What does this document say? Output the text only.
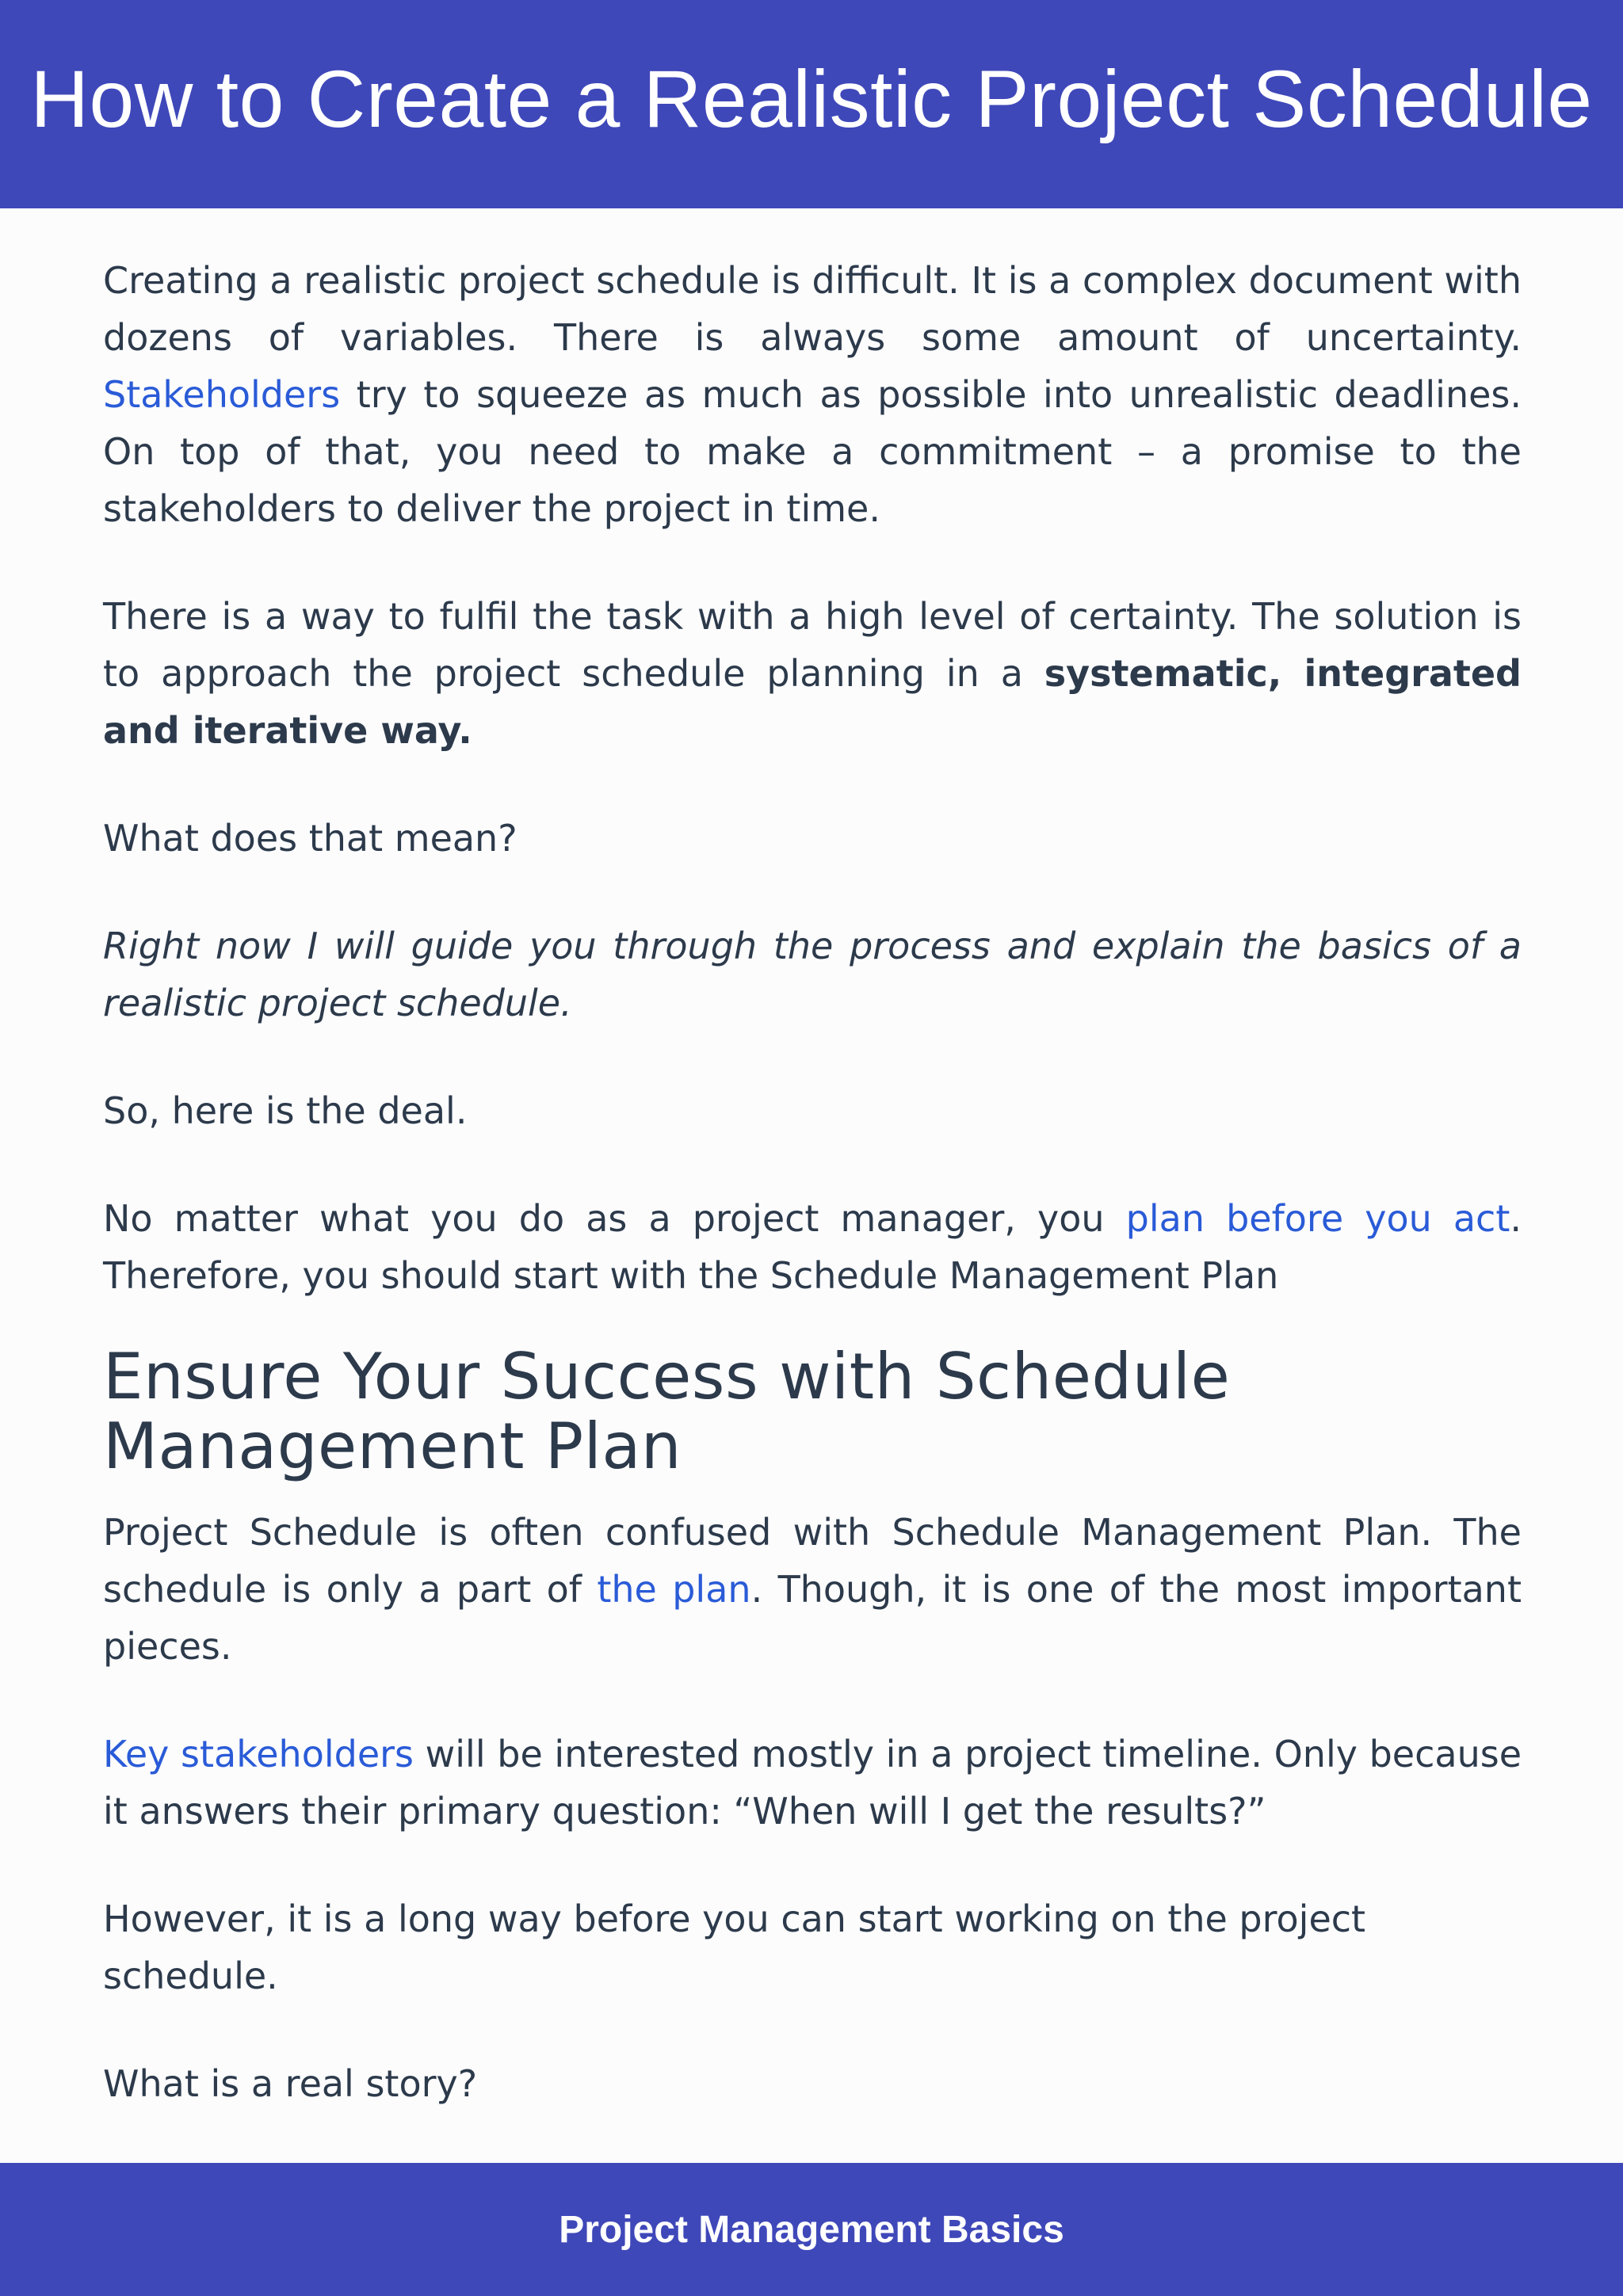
How to Create a Realistic Project Schedule

Creating a realistic project schedule is difficult. It is a complex document with dozens of variables. There is always some amount of uncertainty. Stakeholders try to squeeze as much as possible into unrealistic deadlines. On top of that, you need to make a commitment – a promise to the stakeholders to deliver the project in time.

There is a way to fulfil the task with a high level of certainty. The solution is to approach the project schedule planning in a systematic, integrated and iterative way.

What does that mean?

Right now I will guide you through the process and explain the basics of a realistic project schedule.

So, here is the deal.

No matter what you do as a project manager, you plan before you act. Therefore, you should start with the Schedule Management Plan

Ensure Your Success with Schedule Management Plan

Project Schedule is often confused with Schedule Management Plan. The schedule is only a part of the plan. Though, it is one of the most important pieces.

Key stakeholders will be interested mostly in a project timeline. Only because it answers their primary question: “When will I get the results?”

However, it is a long way before you can start working on the project schedule.

What is a real story?

Project Management Basics
